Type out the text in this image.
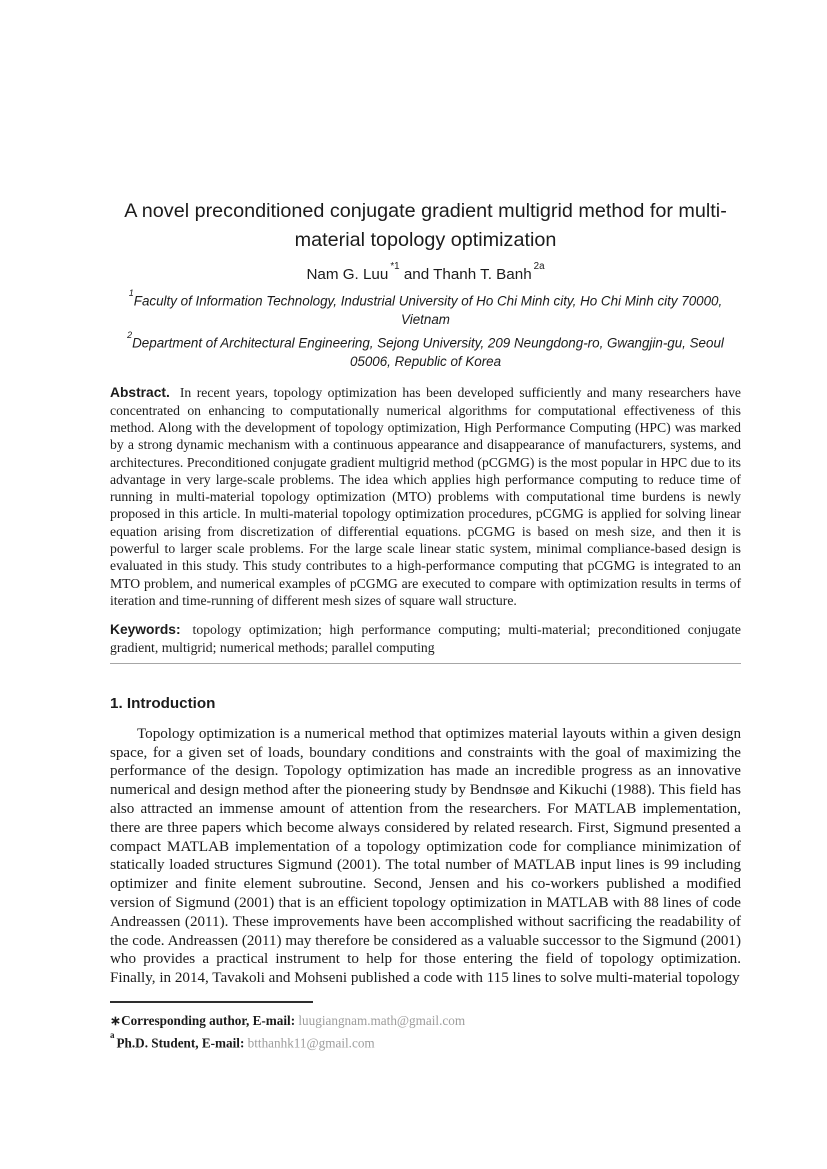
A novel preconditioned conjugate gradient multigrid method for multi-material topology optimization
Nam G. Luu $^{*1}$ and Thanh T. Banh $^{2a}$
$^1$Faculty of Information Technology, Industrial University of Ho Chi Minh city, Ho Chi Minh city 70000, Vietnam
$^2$Department of Architectural Engineering, Sejong University, 209 Neungdong-ro, Gwangjin-gu, Seoul 05006, Republic of Korea

Abstract. In recent years, topology optimization has been developed sufficiently and many researchers have concentrated on enhancing to computationally numerical algorithms for computational effectiveness of this method. Along with the development of topology optimization, High Performance Computing (HPC) was marked by a strong dynamic mechanism with a continuous appearance and disappearance of manufacturers, systems, and architectures. Preconditioned conjugate gradient multigrid method (pCGMG) is the most popular in HPC due to its advantage in very large-scale problems. The idea which applies high performance computing to reduce time of running in multi-material topology optimization (MTO) problems with computational time burdens is newly proposed in this article. In multi-material topology optimization procedures, pCGMG is applied for solving linear equation arising from discretization of differential equations. pCGMG is based on mesh size, and then it is powerful to larger scale problems. For the large scale linear static system, minimal compliance-based design is evaluated in this study. This study contributes to a high-performance computing that pCGMG is integrated to an MTO problem, and numerical examples of pCGMG are executed to compare with optimization results in terms of iteration and time-running of different mesh sizes of square wall structure.

Keywords: topology optimization; high performance computing; multi-material; preconditioned conjugate gradient, multigrid; numerical methods; parallel computing

1. Introduction

Topology optimization is a numerical method that optimizes material layouts within a given design space, for a given set of loads, boundary conditions and constraints with the goal of maximizing the performance of the design. Topology optimization has made an incredible progress as an innovative numerical and design method after the pioneering study by Bendnsøe and Kikuchi (1988). This field has also attracted an immense amount of attention from the researchers. For MATLAB implementation, there are three papers which become always considered by related research. First, Sigmund presented a compact MATLAB implementation of a topology optimization code for compliance minimization of statically loaded structures Sigmund (2001). The total number of MATLAB input lines is 99 including optimizer and finite element subroutine. Second, Jensen and his co-workers published a modified version of Sigmund (2001) that is an efficient topology optimization in MATLAB with 88 lines of code Andreassen (2011). These improvements have been accomplished without sacrificing the readability of the code. Andreassen (2011) may therefore be considered as a valuable successor to the Sigmund (2001) who provides a practical instrument to help for those entering the field of topology optimization. Finally, in 2014, Tavakoli and Mohseni published a code with 115 lines to solve multi-material topology

∗Corresponding author, E-mail: luugiangnam.math@gmail.com
$^a$Ph.D. Student, E-mail: btthanhk11@gmail.com
